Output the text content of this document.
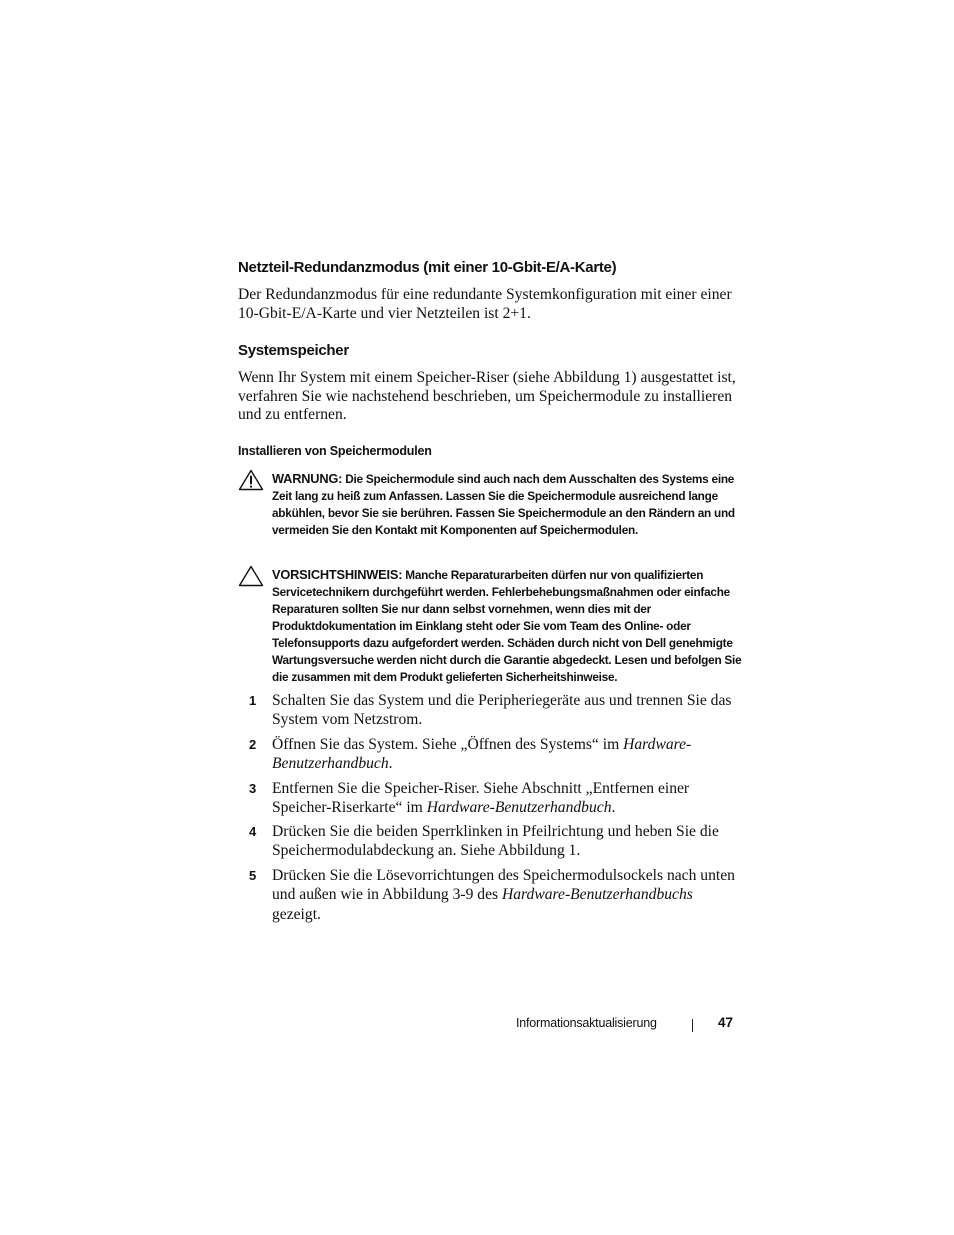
Netzteil-Redundanzmodus (mit einer 10-Gbit-E/A-Karte)
Der Redundanzmodus für eine redundante Systemkonfiguration mit einer einer 10-Gbit-E/A-Karte und vier Netzteilen ist 2+1.
Systemspeicher
Wenn Ihr System mit einem Speicher-Riser (siehe Abbildung 1) ausgestattet ist, verfahren Sie wie nachstehend beschrieben, um Speichermodule zu installieren und zu entfernen.
Installieren von Speichermodulen
WARNUNG: Die Speichermodule sind auch nach dem Ausschalten des Systems eine Zeit lang zu heiß zum Anfassen. Lassen Sie die Speichermodule ausreichend lange abkühlen, bevor Sie sie berühren. Fassen Sie Speichermodule an den Rändern an und vermeiden Sie den Kontakt mit Komponenten auf Speichermodulen.
VORSICHTSHINWEIS: Manche Reparaturarbeiten dürfen nur von qualifizierten Servicetechnikern durchgeführt werden. Fehlerbehebungsmaßnahmen oder einfache Reparaturen sollten Sie nur dann selbst vornehmen, wenn dies mit der Produktdokumentation im Einklang steht oder Sie vom Team des Online- oder Telefonsupports dazu aufgefordert werden. Schäden durch nicht von Dell genehmigte Wartungsversuche werden nicht durch die Garantie abgedeckt. Lesen und befolgen Sie die zusammen mit dem Produkt gelieferten Sicherheitshinweise.
1 Schalten Sie das System und die Peripheriegeräte aus und trennen Sie das System vom Netzstrom.
2 Öffnen Sie das System. Siehe „Öffnen des Systems“ im Hardware-Benutzerhandbuch.
3 Entfernen Sie die Speicher-Riser. Siehe Abschnitt „Entfernen einer Speicher-Riserkarte“ im Hardware-Benutzerhandbuch.
4 Drücken Sie die beiden Sperrklinken in Pfeilrichtung und heben Sie die Speichermodulabdeckung an. Siehe Abbildung 1.
5 Drücken Sie die Lösevorrichtungen des Speichermodulsockels nach unten und außen wie in Abbildung 3-9 des Hardware-Benutzerhandbuchs gezeigt.
Informationsaktualisierung	47
